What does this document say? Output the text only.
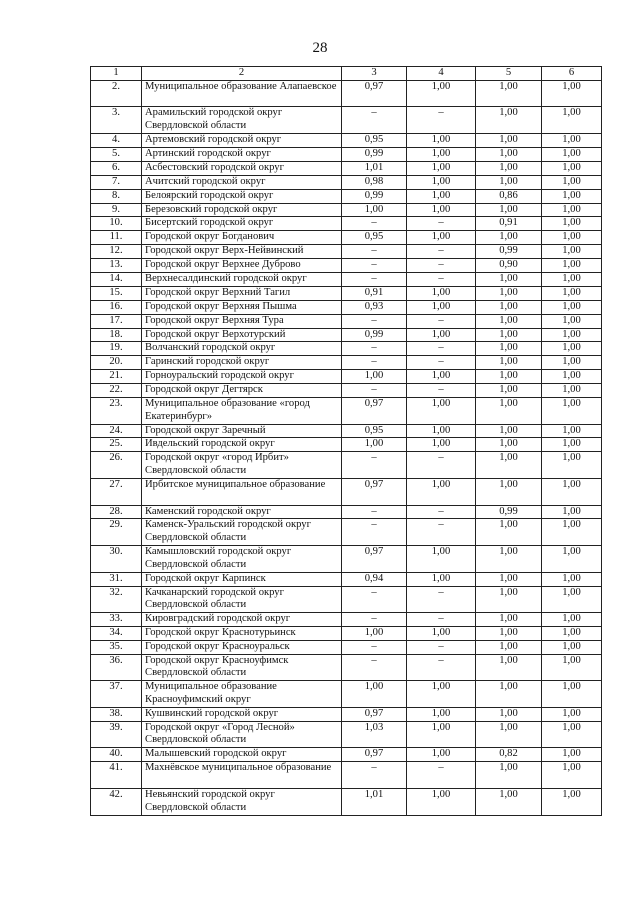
28
1	2	3	4	5	6
2.	Муниципальное образование Алапаевское	0,97	1,00	1,00	1,00
3.	Арамильский городской округ Свердловской области	–	–	1,00	1,00
4.	Артемовский городской округ	0,95	1,00	1,00	1,00
5.	Артинский городской округ	0,99	1,00	1,00	1,00
6.	Асбестовский городской округ	1,01	1,00	1,00	1,00
7.	Ачитский городской округ	0,98	1,00	1,00	1,00
8.	Белоярский городской округ	0,99	1,00	0,86	1,00
9.	Березовский городской округ	1,00	1,00	1,00	1,00
10.	Бисертский городской округ	–	–	0,91	1,00
11.	Городской округ Богданович	0,95	1,00	1,00	1,00
12.	Городской округ Верх-Нейвинский	–	–	0,99	1,00
13.	Городской округ Верхнее Дуброво	–	–	0,90	1,00
14.	Верхнесалдинский городской округ	–	–	1,00	1,00
15.	Городской округ Верхний Тагил	0,91	1,00	1,00	1,00
16.	Городской округ Верхняя Пышма	0,93	1,00	1,00	1,00
17.	Городской округ Верхняя Тура	–	–	1,00	1,00
18.	Городской округ Верхотурский	0,99	1,00	1,00	1,00
19.	Волчанский городской округ	–	–	1,00	1,00
20.	Гаринский городской округ	–	–	1,00	1,00
21.	Горноуральский городской округ	1,00	1,00	1,00	1,00
22.	Городской округ Дегтярск	–	–	1,00	1,00
23.	Муниципальное образование «город Екатеринбург»	0,97	1,00	1,00	1,00
24.	Городской округ Заречный	0,95	1,00	1,00	1,00
25.	Ивдельский городской округ	1,00	1,00	1,00	1,00
26.	Городской округ «город Ирбит» Свердловской области	–	–	1,00	1,00
27.	Ирбитское муниципальное образование	0,97	1,00	1,00	1,00
28.	Каменский городской округ	–	–	0,99	1,00
29.	Каменск-Уральский городской округ Свердловской области	–	–	1,00	1,00
30.	Камышловский городской округ Свердловской области	0,97	1,00	1,00	1,00
31.	Городской округ Карпинск	0,94	1,00	1,00	1,00
32.	Качканарский городской округ Свердловской области	–	–	1,00	1,00
33.	Кировградский городской округ	–	–	1,00	1,00
34.	Городской округ Краснотурьинск	1,00	1,00	1,00	1,00
35.	Городской округ Красноуральск	–	–	1,00	1,00
36.	Городской округ Красноуфимск Свердловской области	–	–	1,00	1,00
37.	Муниципальное образование Красноуфимский округ	1,00	1,00	1,00	1,00
38.	Кушвинский городской округ	0,97	1,00	1,00	1,00
39.	Городской округ «Город Лесной» Свердловской области	1,03	1,00	1,00	1,00
40.	Малышевский городской округ	0,97	1,00	0,82	1,00
41.	Махнёвское муниципальное образование	–	–	1,00	1,00
42.	Невьянский городской округ Свердловской области	1,01	1,00	1,00	1,00
